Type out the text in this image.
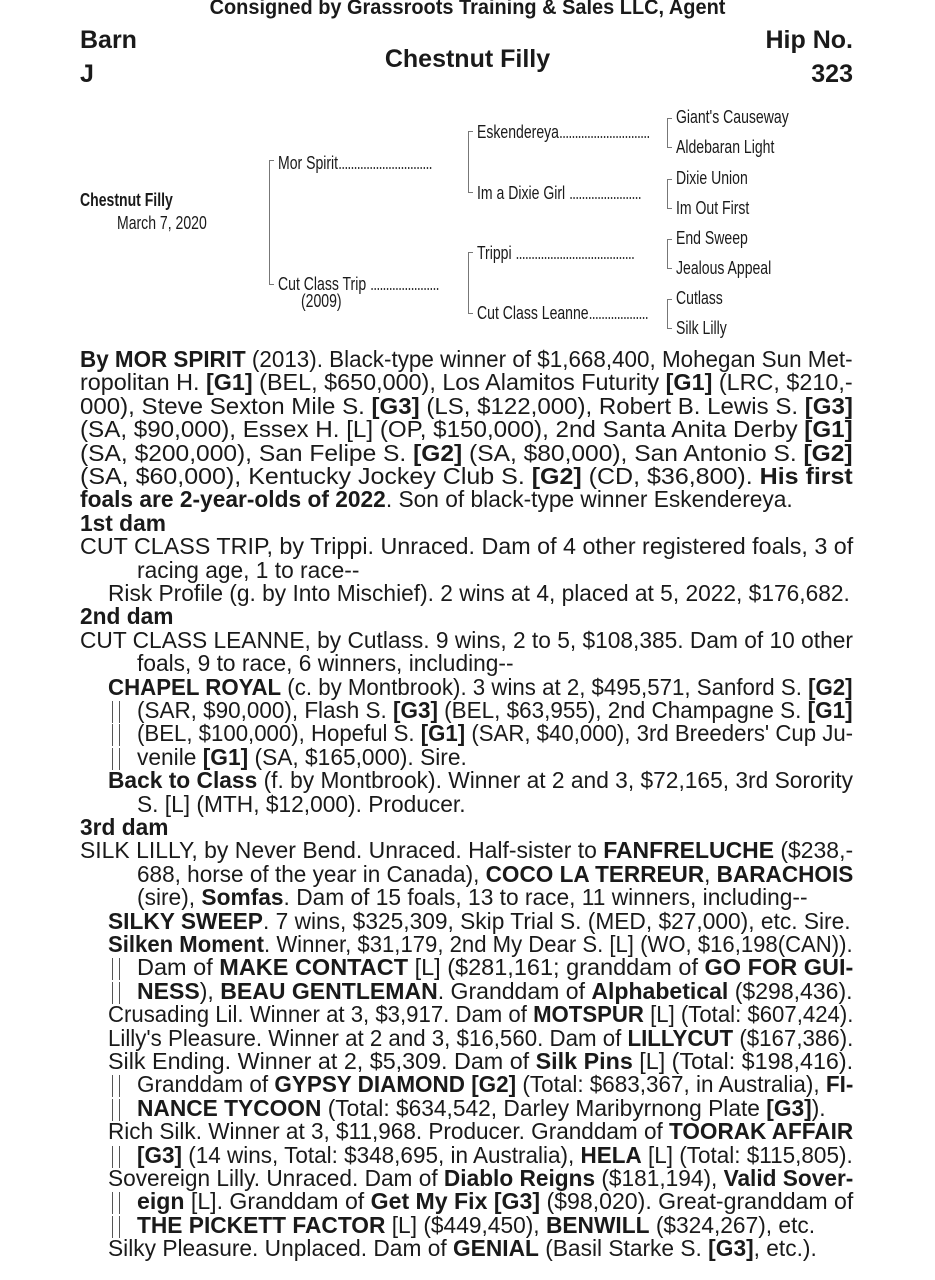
Consigned by Grassroots Training & Sales LLC, Agent
Barn
J
Chestnut Filly
Hip No.
323
Chestnut Filly
March 7, 2020
Mor Spirit..............................
Cut Class Trip ......................
(2009)
Eskendereya.............................
Im a Dixie Girl .......................
Trippi ......................................
Cut Class Leanne...................
Giant's Causeway
Aldebaran Light
Dixie Union
Im Out First
End Sweep
Jealous Appeal
Cutlass
Silk Lilly
By MOR SPIRIT (2013). Black-type winner of $1,668,400, Mohegan Sun Met-
ropolitan H. [G1] (BEL, $650,000), Los Alamitos Futurity [G1] (LRC, $210,-
000), Steve Sexton Mile S. [G3] (LS, $122,000), Robert B. Lewis S. [G3]
(SA, $90,000), Essex H. [L] (OP, $150,000), 2nd Santa Anita Derby [G1]
(SA, $200,000), San Felipe S. [G2] (SA, $80,000), San Antonio S. [G2]
(SA, $60,000), Kentucky Jockey Club S. [G2] (CD, $36,800). His first
foals are 2-year-olds of 2022. Son of black-type winner Eskendereya.
1st dam
CUT CLASS TRIP, by Trippi. Unraced. Dam of 4 other registered foals, 3 of
racing age, 1 to race--
Risk Profile (g. by Into Mischief). 2 wins at 4, placed at 5, 2022, $176,682.
2nd dam
CUT CLASS LEANNE, by Cutlass. 9 wins, 2 to 5, $108,385. Dam of 10 other
foals, 9 to race, 6 winners, including--
CHAPEL ROYAL (c. by Montbrook). 3 wins at 2, $495,571, Sanford S. [G2]
(SAR, $90,000), Flash S. [G3] (BEL, $63,955), 2nd Champagne S. [G1]
(BEL, $100,000), Hopeful S. [G1] (SAR, $40,000), 3rd Breeders' Cup Ju-
venile [G1] (SA, $165,000). Sire.
Back to Class (f. by Montbrook). Winner at 2 and 3, $72,165, 3rd Sorority
S. [L] (MTH, $12,000). Producer.
3rd dam
SILK LILLY, by Never Bend. Unraced. Half-sister to FANFRELUCHE ($238,-
688, horse of the year in Canada), COCO LA TERREUR, BARACHOIS
(sire), Somfas. Dam of 15 foals, 13 to race, 11 winners, including--
SILKY SWEEP. 7 wins, $325,309, Skip Trial S. (MED, $27,000), etc. Sire.
Silken Moment. Winner, $31,179, 2nd My Dear S. [L] (WO, $16,198(CAN)).
Dam of MAKE CONTACT [L] ($281,161; granddam of GO FOR GUI-
NESS), BEAU GENTLEMAN. Granddam of Alphabetical ($298,436).
Crusading Lil. Winner at 3, $3,917. Dam of MOTSPUR [L] (Total: $607,424).
Lilly's Pleasure. Winner at 2 and 3, $16,560. Dam of LILLYCUT ($167,386).
Silk Ending. Winner at 2, $5,309. Dam of Silk Pins [L] (Total: $198,416).
Granddam of GYPSY DIAMOND [G2] (Total: $683,367, in Australia), FI-
NANCE TYCOON (Total: $634,542, Darley Maribyrnong Plate [G3]).
Rich Silk. Winner at 3, $11,968. Producer. Granddam of TOORAK AFFAIR
[G3] (14 wins, Total: $348,695, in Australia), HELA [L] (Total: $115,805).
Sovereign Lilly. Unraced. Dam of Diablo Reigns ($181,194), Valid Sover-
eign [L]. Granddam of Get My Fix [G3] ($98,020). Great-granddam of
THE PICKETT FACTOR [L] ($449,450), BENWILL ($324,267), etc.
Silky Pleasure. Unplaced. Dam of GENIAL (Basil Starke S. [G3], etc.).
